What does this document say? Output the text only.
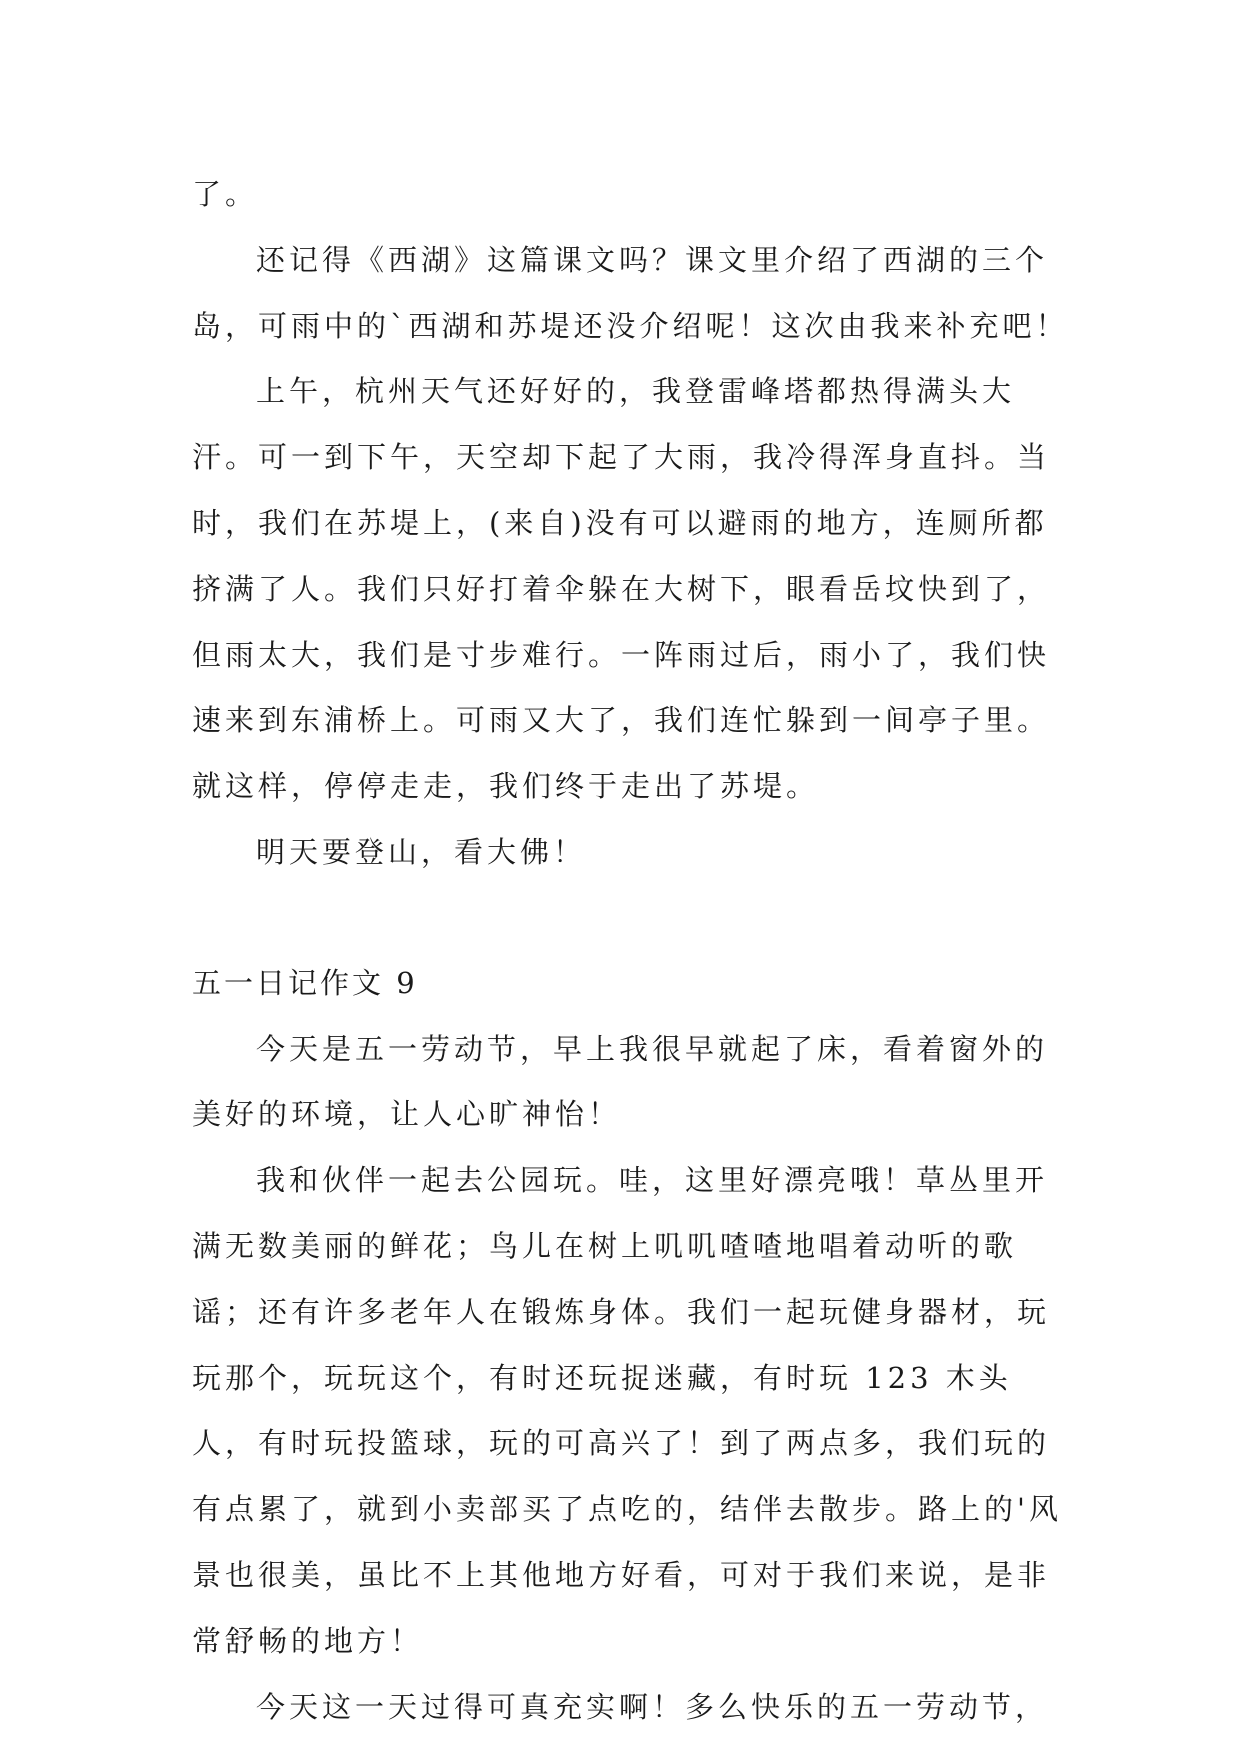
了。

还记得《西湖》这篇课文吗？课文里介绍了西湖的三个岛，可雨中的`西湖和苏堤还没介绍呢！这次由我来补充吧！

上午，杭州天气还好好的，我登雷峰塔都热得满头大汗。可一到下午，天空却下起了大雨，我冷得浑身直抖。当时，我们在苏堤上，(来自)没有可以避雨的地方，连厕所都挤满了人。我们只好打着伞躲在大树下，眼看岳坟快到了，但雨太大，我们是寸步难行。一阵雨过后，雨小了，我们快速来到东浦桥上。可雨又大了，我们连忙躲到一间亭子里。就这样，停停走走，我们终于走出了苏堤。

明天要登山，看大佛！

五一日记作文 9

今天是五一劳动节，早上我很早就起了床，看着窗外的美好的环境，让人心旷神怡！

我和伙伴一起去公园玩。哇，这里好漂亮哦！草丛里开满无数美丽的鲜花；鸟儿在树上叽叽喳喳地唱着动听的歌谣；还有许多老年人在锻炼身体。我们一起玩健身器材，玩玩那个，玩玩这个，有时还玩捉迷藏，有时玩 123 木头人，有时玩投篮球，玩的可高兴了！到了两点多，我们玩的有点累了，就到小卖部买了点吃的，结伴去散步。路上的'风景也很美，虽比不上其他地方好看，可对于我们来说，是非常舒畅的地方！

今天这一天过得可真充实啊！多么快乐的五一劳动节，
